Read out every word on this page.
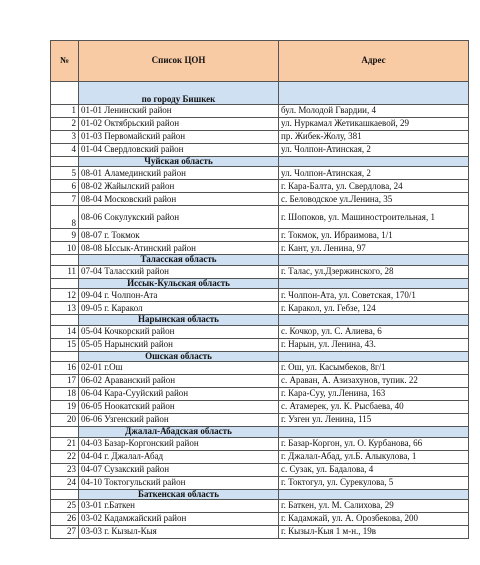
№	Список ЦОН	Адрес
	по городу Бишкек	
1	01-01 Ленинский район	бул. Молодой Гвардии, 4
2	01-02 Октябрьский район	ул. Нуркамал Жетикашкаевой, 29
3	01-03 Первомайский район	пр. Жибек-Жолу, 381
4	01-04 Свердловский район	ул. Чолпон-Атинская, 2
	Чуйская область	
5	08-01 Аламединский район	ул. Чолпон-Атинская, 2
6	08-02 Жайылский район	г. Кара-Балта, ул. Свердлова, 24
7	08-04 Московский район	с. Беловодское ул.Ленина, 35
8	08-06 Сокулукский район	г. Шопоков, ул. Машиностроительная, 1
9	08-07 г. Токмок	г. Токмок, ул. Ибраимова, 1/1
10	08-08 Ыссык-Атинский район	г. Кант, ул. Ленина, 97
	Таласская область	
11	07-04 Таласский район	г. Талас, ул.Дзержинского, 28
	Иссык-Кульская область	
12	09-04 г. Чолпон-Ата	г. Чолпон-Ата, ул. Советская, 170/1
13	09-05 г. Каракол	г. Каракол, ул. Гебзе, 124
	Нарынская область	
14	05-04 Кочкорский район	с. Кочкор, ул. С. Алиева, 6
15	05-05 Нарынский район	г. Нарын, ул. Ленина, 43.
	Ошская область	
16	02-01 г.Ош	г. Ош, ул. Касымбеков, 8г/1
17	06-02 Араванский район	с. Араван, А. Азизахунов, тупик. 22
18	06-04 Кара-Сууйский район	г. Кара-Суу, ул.Ленина, 163
19	06-05 Ноокатский район	с. Атамерек, ул. К. Рысбаева, 40
20	06-06 Узгенский район	г. Узген ул. Ленина, 115
	Джалал-Абадская область	
21	04-03 Базар-Коргонский район	г. Базар-Коргон, ул. О. Курбанова, 66
22	04-04 г. Джалал-Абад	г. Джалал-Абад, ул.Б. Алыкулова, 1
23	04-07 Сузакский район	с. Сузак, ул. Бадалова, 4
24	04-10 Токтогульский район	г. Токтогул, ул. Сурекулова, 5
	Баткенская область	
25	03-01 г.Баткен	г. Баткен, ул. М. Салихова, 29
26	03-02 Кадамжайский район	г. Кадамжай, ул. А. Орозбекова, 200
27	03-03 г. Кызыл-Кыя	г. Кызыл-Кыя 1 м-н., 19в
